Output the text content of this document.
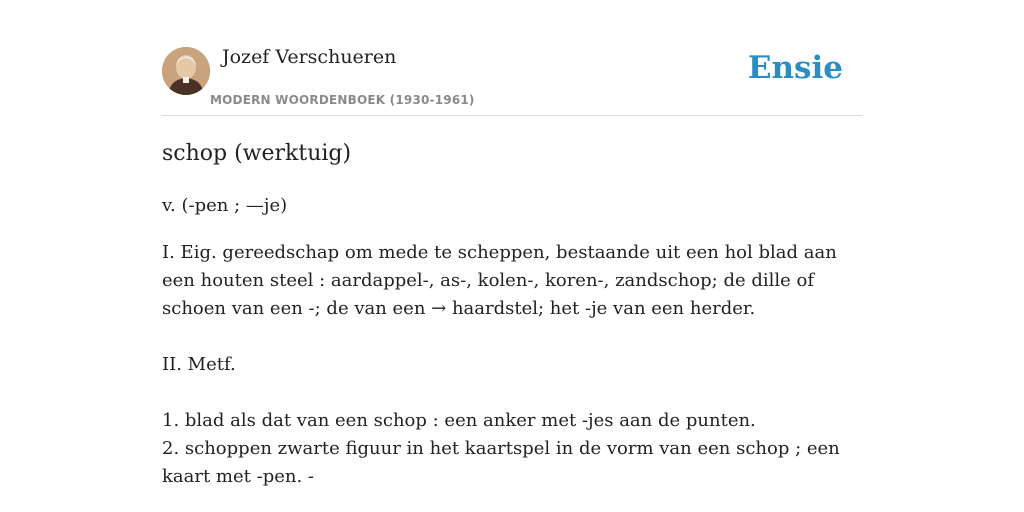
Jozef Verschueren
MODERN WOORDENBOEK (1930-1961)
Ensie
schop (werktuig)

v. (-pen ; —je)

I. Eig. gereedschap om mede te scheppen, bestaande uit een hol blad aan een houten steel : aardappel-, as-, kolen-, koren-, zandschop; de dille of schoen van een -; de van een → haardstel; het -je van een herder.

II. Metf.

1. blad als dat van een schop : een anker met -jes aan de punten.

2. schoppen zwarte figuur in het kaartspel in de vorm van een schop ; een kaart met -pen. -
